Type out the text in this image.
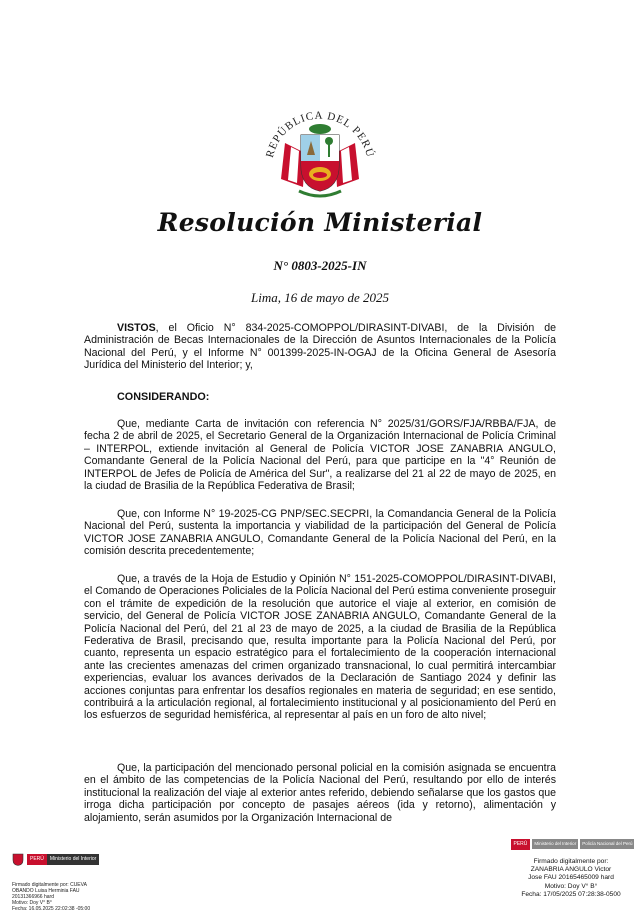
REPÚBLICA DEL PERÚ
Resolución Ministerial
N° 0803-2025-IN
Lima, 16 de mayo de 2025

VISTOS, el Oficio N° 834-2025-COMOPPOL/DIRASINT-DIVABI, de la División de Administración de Becas Internacionales de la Dirección de Asuntos Internacionales de la Policía Nacional del Perú, y el Informe N° 001399-2025-IN-OGAJ de la Oficina General de Asesoría Jurídica del Ministerio del Interior; y,

CONSIDERANDO:

Que, mediante Carta de invitación con referencia N° 2025/31/GORS/FJA/RBBA/FJA, de fecha 2 de abril de 2025, el Secretario General de la Organización Internacional de Policía Criminal – INTERPOL, extiende invitación al General de Policía VICTOR JOSE ZANABRIA ANGULO, Comandante General de la Policía Nacional del Perú, para que participe en la "4° Reunión de INTERPOL de Jefes de Policía de América del Sur", a realizarse del 21 al 22 de mayo de 2025, en la ciudad de Brasilia de la República Federativa de Brasil;

Que, con Informe N° 19-2025-CG PNP/SEC.SECPRI, la Comandancia General de la Policía Nacional del Perú, sustenta la importancia y viabilidad de la participación del General de Policía VICTOR JOSE ZANABRIA ANGULO, Comandante General de la Policía Nacional del Perú, en la comisión descrita precedentemente;

Que, a través de la Hoja de Estudio y Opinión N° 151-2025-COMOPPOL/DIRASINT-DIVABI, el Comando de Operaciones Policiales de la Policía Nacional del Perú estima conveniente proseguir con el trámite de expedición de la resolución que autorice el viaje al exterior, en comisión de servicio, del General de Policía VICTOR JOSE ZANABRIA ANGULO, Comandante General de la Policía Nacional del Perú, del 21 al 23 de mayo de 2025, a la ciudad de Brasilia de la República Federativa de Brasil, precisando que, resulta importante para la Policía Nacional del Perú, por cuanto, representa un espacio estratégico para el fortalecimiento de la cooperación internacional ante las crecientes amenazas del crimen organizado transnacional, lo cual permitirá intercambiar experiencias, evaluar los avances derivados de la Declaración de Santiago 2024 y definir las acciones conjuntas para enfrentar los desafíos regionales en materia de seguridad; en ese sentido, contribuirá a la articulación regional, al fortalecimiento institucional y al posicionamiento del Perú en los esfuerzos de seguridad hemisférica, al representar al país en un foro de alto nivel;

Que, la participación del mencionado personal policial en la comisión asignada se encuentra en el ámbito de las competencias de la Policía Nacional del Perú, resultando por ello de interés institucional la realización del viaje al exterior antes referido, debiendo señalarse que los gastos que irroga dicha participación por concepto de pasajes aéreos (ida y retorno), alimentación y alojamiento, serán asumidos por la Organización Internacional de

PERÚ	Ministerio del Interior
Firmado digitalmente por: CUEVA
OBANDO Luisa Herminia FAU
20131366966 hard
Motivo: Doy V° B°
Fecha: 16.05.2025 22:02:38 -05:00
PERÚ	Ministerio del Interior	Policía Nacional del Perú
Firmado digitalmente por:
ZANABRIA ANGULO Victor
Jose FAU 20165465009 hard
Motivo: Doy V° B°
Fecha: 17/05/2025 07:28:38-0500
